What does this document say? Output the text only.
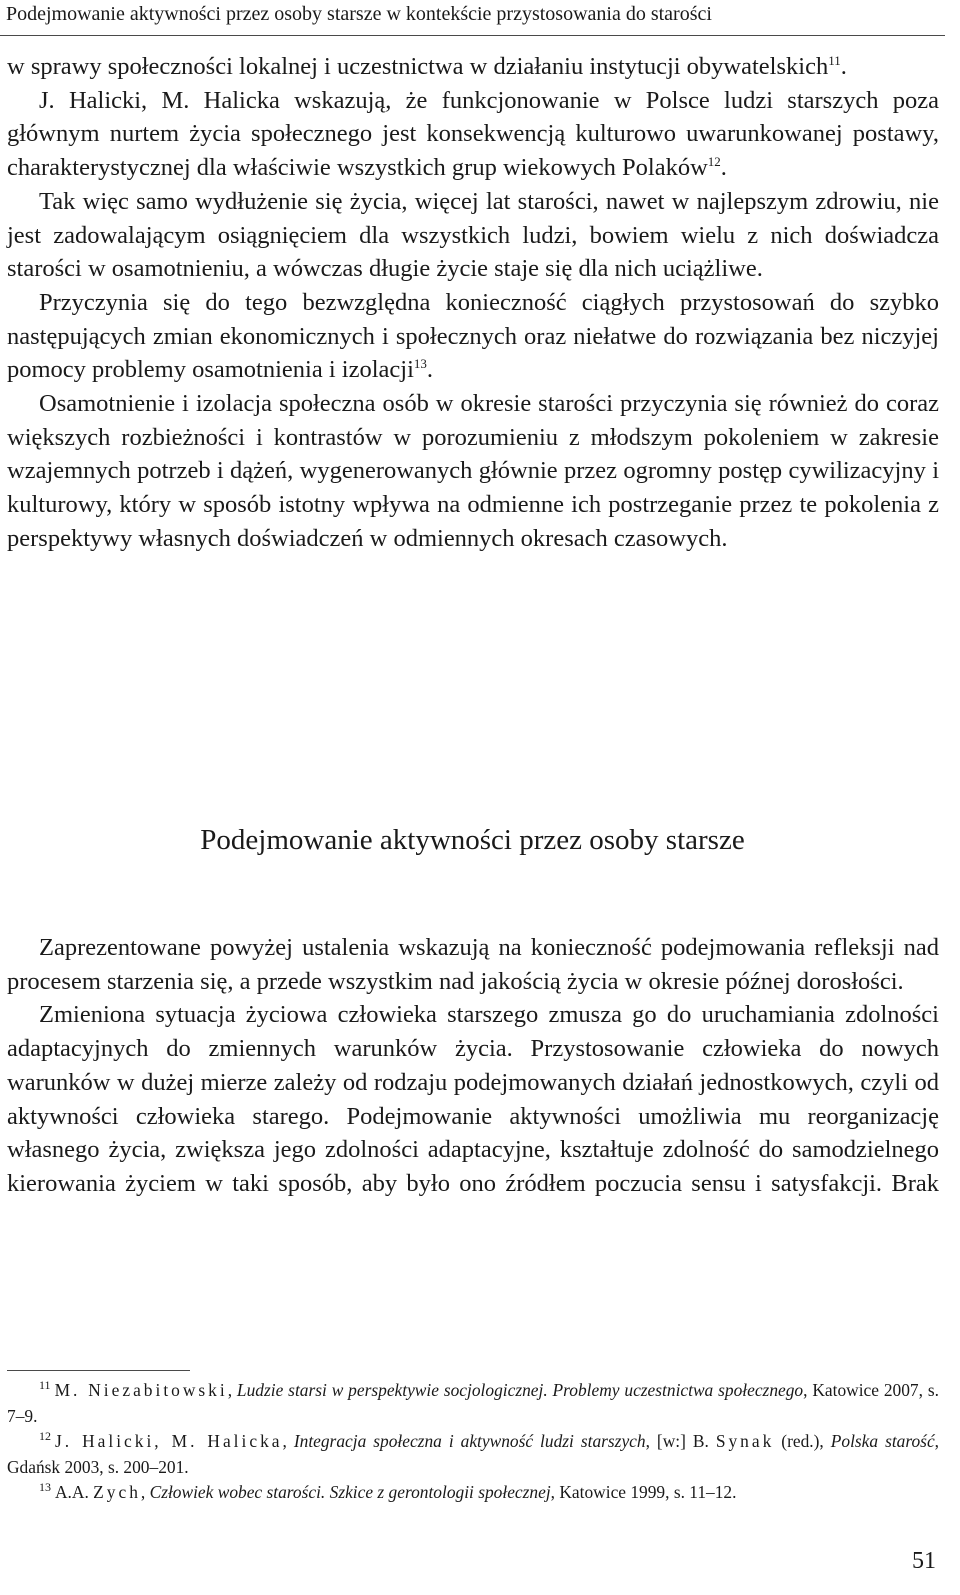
Podejmowanie aktywności przez osoby starsze w kontekście przystosowania do starości

w sprawy społeczności lokalnej i uczestnictwa w działaniu instytucji obywatelskich$^{11}$.

J. Halicki, M. Halicka wskazują, że funkcjonowanie w Polsce ludzi starszych poza głównym nurtem życia społecznego jest konsekwencją kulturowo uwarunkowanej postawy, charakterystycznej dla właściwie wszystkich grup wiekowych Polaków$^{12}$.

Tak więc samo wydłużenie się życia, więcej lat starości, nawet w najlepszym zdrowiu, nie jest zadowalającym osiągnięciem dla wszystkich ludzi, bowiem wielu z nich doświadcza starości w osamotnieniu, a wówczas długie życie staje się dla nich uciążliwe.

Przyczynia się do tego bezwzględna konieczność ciągłych przystosowań do szybko następujących zmian ekonomicznych i społecznych oraz niełatwe do rozwiązania bez niczyjej pomocy problemy osamotnienia i izolacji$^{13}$.

Osamotnienie i izolacja społeczna osób w okresie starości przyczynia się również do coraz większych rozbieżności i kontrastów w porozumieniu z młodszym pokoleniem w zakresie wzajemnych potrzeb i dążeń, wygenerowanych głównie przez ogromny postęp cywilizacyjny i kulturowy, który w sposób istotny wpływa na odmienne ich postrzeganie przez te pokolenia z perspektywy własnych doświadczeń w odmiennych okresach czasowych.

Podejmowanie aktywności przez osoby starsze

Zaprezentowane powyżej ustalenia wskazują na konieczność podejmowania refleksji nad procesem starzenia się, a przede wszystkim nad jakością życia w okresie późnej dorosłości.

Zmieniona sytuacja życiowa człowieka starszego zmusza go do uruchamiania zdolności adaptacyjnych do zmiennych warunków życia. Przystosowanie człowieka do nowych warunków w dużej mierze zależy od rodzaju podejmowanych działań jednostkowych, czyli od aktywności człowieka starego. Podejmowanie aktywności umożliwia mu reorganizację własnego życia, zwiększa jego zdolności adaptacyjne, kształtuje zdolność do samodzielnego kierowania życiem w taki sposób, aby było ono źródłem poczucia sensu i satysfakcji. Brak

$^{11}$ M. Niezabitowski, Ludzie starsi w perspektywie socjologicznej. Problemy uczestnictwa społecznego, Katowice 2007, s. 7–9.

$^{12}$ J. Halicki, M. Halicka, Integracja społeczna i aktywność ludzi starszych, [w:] B. Synak (red.), Polska starość, Gdańsk 2003, s. 200–201.

$^{13}$ A.A. Zych, Człowiek wobec starości. Szkice z gerontologii społecznej, Katowice 1999, s. 11–12.

51
